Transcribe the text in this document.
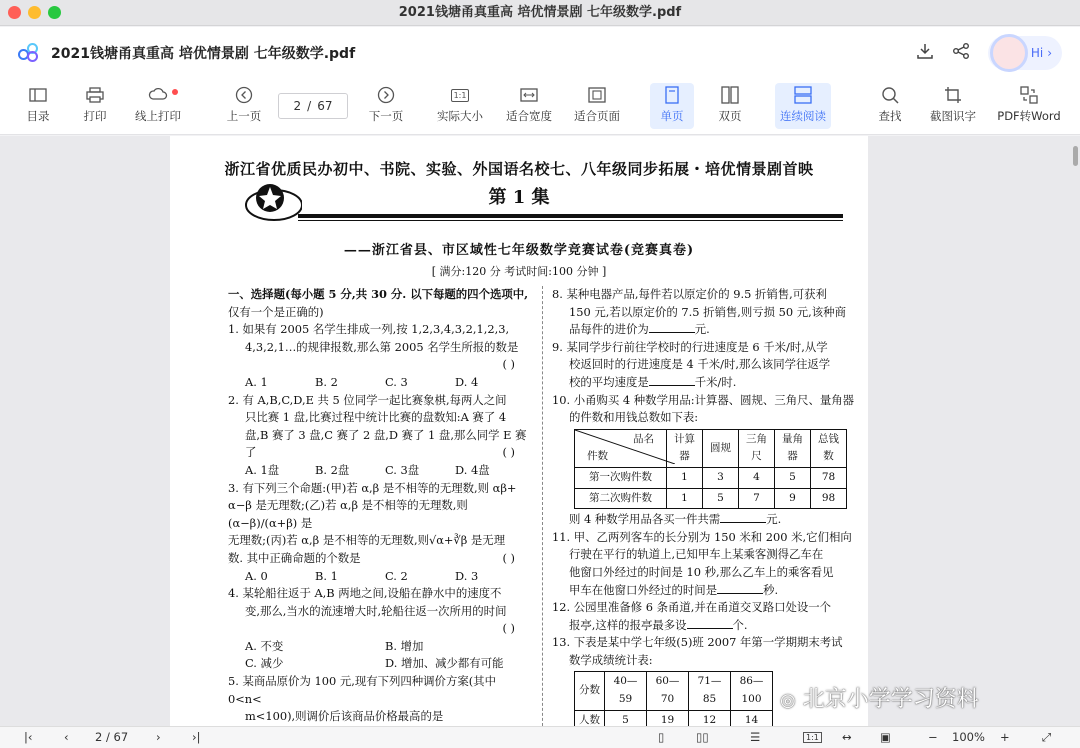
2021钱塘甬真重高 培优情景剧 七年级数学.pdf
2021钱塘甬真重高 培优情景剧 七年级数学.pdf	Hi ›
目录	打印 线上打印	上一页
2 / 67
下一页
1:1
实际大小 适合宽度 适合页面	单页	双页	连续阅读	查找 截图识字 PDF转Word
浙江省优质民办初中、书院、实验、外国语名校七、八年级同步拓展・培优情景剧首映
第 1 集
——浙江省县、市区域性七年级数学竞赛试卷(竞赛真卷)
[ 满分:120 分 考试时间:100 分钟 ]

一、选择题(每小题 5 分,共 30 分. 以下每题的四个选项中,

仅有一个是正确的)

1. 如果有 2005 名学生排成一列,按 1,2,3,4,3,2,1,2,3,

4,3,2,1…的规律报数,那么第 2005 名学生所报的数是

( )

A. 1	B. 2	C. 3	D. 4

2. 有 A,B,C,D,E 共 5 位同学一起比赛象棋,每两人之间

只比赛 1 盘,比赛过程中统计比赛的盘数知:A 赛了 4

盘,B 赛了 3 盘,C 赛了 2 盘,D 赛了 1 盘,那么同学 E 赛

了	( )

A. 1盘	B. 2盘	C. 3盘	D. 4盘

3. 有下列三个命题:(甲)若 α,β 是不相等的无理数,则 αβ+

α−β 是无理数;(乙)若 α,β 是不相等的无理数,则 (α−β)/(α+β) 是

无理数;(丙)若 α,β 是不相等的无理数,则√α+∛β 是无理

数. 其中正确命题的个数是	( )

A. 0	B. 1	C. 2	D. 3

4. 某轮船往返于 A,B 两地之间,设船在静水中的速度不

变,那么,当水的流速增大时,轮船往返一次所用的时间

( )

A. 不变	B. 增加

C. 减少	D. 增加、减少都有可能

5. 某商品原价为 100 元,现有下列四种调价方案(其中 0<n<

m<100),则调价后该商品价格最高的是

8. 某种电器产品,每件若以原定价的 9.5 折销售,可获利

150 元,若以原定价的 7.5 折销售,则亏损 50 元,该种商

品每件的进价为	元.

9. 某同学步行前往学校时的行进速度是 6 千米/时,从学

校返回时的行进速度是 4 千米/时,那么该同学往返学

校的平均速度是	千米/时.

10. 小甬购买 4 种数学用品:计算器、圆规、三角尺、量角器

的件数和用钱总数如下表:

品名
件数	计算器	圆规	三角尺	量角器	总钱数
第一次购件数	1	3	4	5	78
第二次购件数	1	5	7	9	98

则 4 种数学用品各买一件共需	元.

11. 甲、乙两列客车的长分别为 150 米和 200 米,它们相向

行驶在平行的轨道上,已知甲车上某乘客测得乙车在

他窗口外经过的时间是 10 秒,那么乙车上的乘客看见

甲车在他窗口外经过的时间是	秒.

12. 公园里准备修 6 条甬道,并在甬道交叉路口处设一个

报亭,这样的报亭最多设	个.

13. 下表是某中学七年级(5)班 2007 年第一学期期末考试

数学成绩统计表:

分数	40—59	60—70	71—85	86—100
人数	5	19	12	14

◎ 北京小学学习资料
|‹	‹ 2 / 67 ›	›|	▯	▯▯	☰	1:1 ↔ ▣	− 100% +	⤢
